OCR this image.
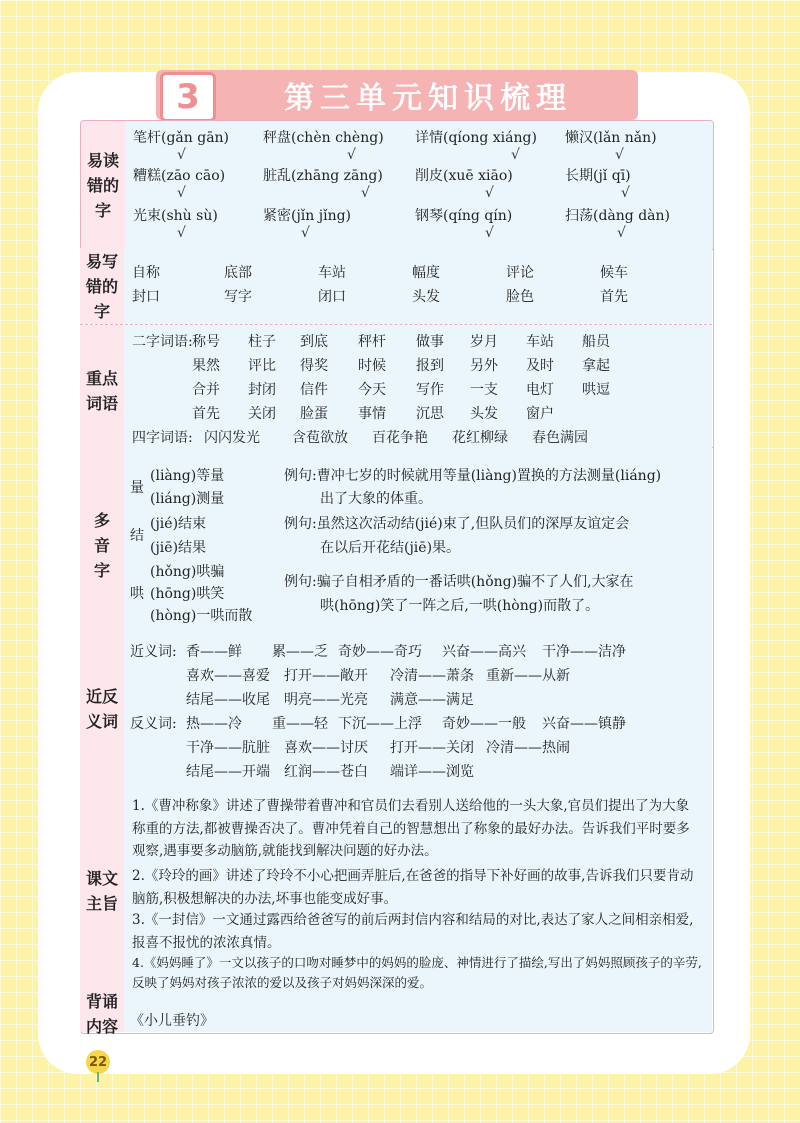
3	第三单元知识梳理
易读错的字
笔杆(gǎn gān) 秤盘(chèn chèng) 详情(qíong xiáng) 懒汉(lǎn nǎn)
√	√	√	√
糟糕(zāo cāo)	脏乱(zhāng zāng) 削皮(xuē xiāo)	长期(jǐ qī)
√	√	√	√
光束(shù sù)	紧密(jǐn jǐng)	钢琴(qíng qín)	扫荡(dàng dàn)
√	√	√	√
易写错的字
自称	底部	车站	幅度	评论	候车
封口	写字	闭口	头发	脸色	首先
重点词语
二字词语: 称号 柱子 到底 秤杆 做事 岁月 车站 船员
果然 评比 得奖 时候 报到 另外 及时 拿起
合并 封闭 信件 今天 写作 一支 电灯 哄逗
首先 关闭 脸蛋 事情 沉思 头发 窗户
四字词语: 闪闪发光 含苞欲放 百花争艳 花红柳绿 春色满园
多音字
量
(liàng)等量
(liáng)测量
例句:曹冲七岁的时候就用等量(liàng)置换的方法测量(liáng)
出了大象的体重。
结
(jié)结束
(jiē)结果
例句:虽然这次活动结(jié)束了,但队员们的深厚友谊定会
在以后开花结(jiē)果。
哄
(hǒng)哄骗
(hōng)哄笑
(hòng)一哄而散
例句:骗子自相矛盾的一番话哄(hǒng)骗不了人们,大家在
哄(hōng)笑了一阵之后,一哄(hòng)而散了。
近反义词
近义词:
反义词:
香——鲜 累——乏 奇妙——奇巧 兴奋——高兴 干净——洁净
喜欢——喜爱 打开——敞开 冷清——萧条 重新——从新
结尾——收尾 明亮——光亮 满意——满足
热——冷 重——轻 下沉——上浮 奇妙——一般 兴奋——镇静
干净——肮脏 喜欢——讨厌 打开——关闭 冷清——热闹
结尾——开端 红润——苍白 端详——浏览
课文主旨

1.《曹冲称象》讲述了曹操带着曹冲和官员们去看别人送给他的一头大象,官员们提出了为大象称重的方法,都被曹操否决了。曹冲凭着自己的智慧想出了称象的最好办法。告诉我们平时要多观察,遇事要多动脑筋,就能找到解决问题的好办法。

2.《玲玲的画》讲述了玲玲不小心把画弄脏后,在爸爸的指导下补好画的故事,告诉我们只要肯动脑筋,积极想解决的办法,坏事也能变成好事。

3.《一封信》一文通过露西给爸爸写的前后两封信内容和结局的对比,表达了家人之间相亲相爱,报喜不报忧的浓浓真情。

4.《妈妈睡了》一文以孩子的口吻对睡梦中的妈妈的脸庞、神情进行了描绘,写出了妈妈照顾孩子的辛劳,反映了妈妈对孩子浓浓的爱以及孩子对妈妈深深的爱。

背诵内容 《小儿垂钓》
22
